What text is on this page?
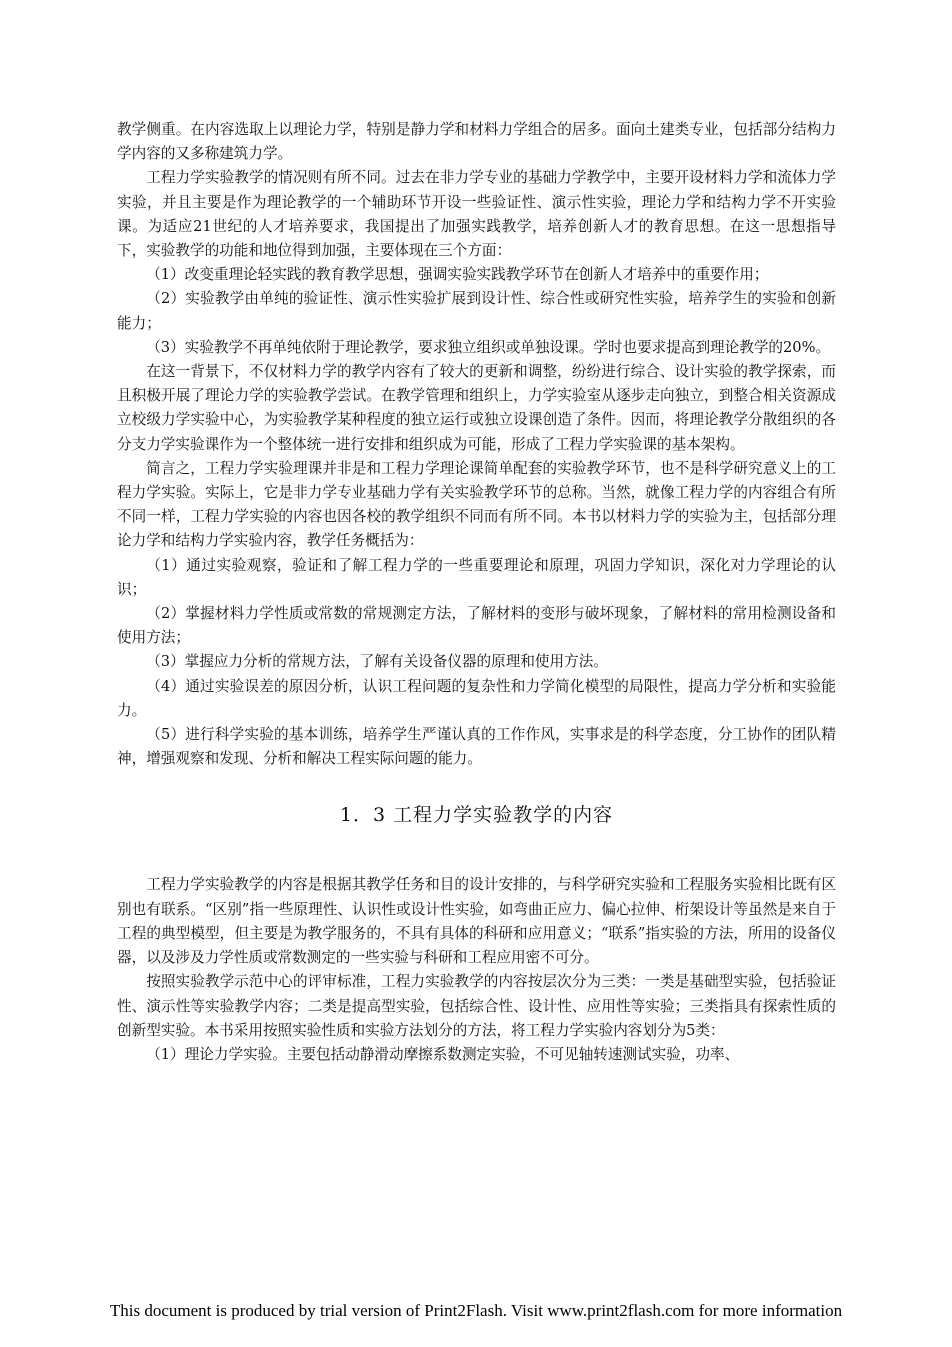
教学侧重。在内容选取上以理论力学，特别是静力学和材料力学组合的居多。面向土建类专业，包括部分结构力学内容的又多称建筑力学。

工程力学实验教学的情况则有所不同。过去在非力学专业的基础力学教学中，主要开设材料力学和流体力学实验，并且主要是作为理论教学的一个辅助环节开设一些验证性、演示性实验，理论力学和结构力学不开实验课。为适应21世纪的人才培养要求，我国提出了加强实践教学，培养创新人才的教育思想。在这一思想指导下，实验教学的功能和地位得到加强，主要体现在三个方面：

（1）改变重理论轻实践的教育教学思想，强调实验实践教学环节在创新人才培养中的重要作用；

（2）实验教学由单纯的验证性、演示性实验扩展到设计性、综合性或研究性实验，培养学生的实验和创新能力；

（3）实验教学不再单纯依附于理论教学，要求独立组织或单独设课。学时也要求提高到理论教学的20%。

在这一背景下，不仅材料力学的教学内容有了较大的更新和调整，纷纷进行综合、设计实验的教学探索，而且积极开展了理论力学的实验教学尝试。在教学管理和组织上，力学实验室从逐步走向独立，到整合相关资源成立校级力学实验中心，为实验教学某种程度的独立运行或独立设课创造了条件。因而，将理论教学分散组织的各分支力学实验课作为一个整体统一进行安排和组织成为可能，形成了工程力学实验课的基本架构。

简言之，工程力学实验理课并非是和工程力学理论课简单配套的实验教学环节，也不是科学研究意义上的工程力学实验。实际上，它是非力学专业基础力学有关实验教学环节的总称。当然，就像工程力学的内容组合有所不同一样，工程力学实验的内容也因各校的教学组织不同而有所不同。本书以材料力学的实验为主，包括部分理论力学和结构力学实验内容，教学任务概括为：

（1）通过实验观察，验证和了解工程力学的一些重要理论和原理，巩固力学知识，深化对力学理论的认识；

（2）掌握材料力学性质或常数的常规测定方法，了解材料的变形与破坏现象，了解材料的常用检测设备和使用方法；

（3）掌握应力分析的常规方法，了解有关设备仪器的原理和使用方法。

（4）通过实验误差的原因分析，认识工程问题的复杂性和力学简化模型的局限性，提高力学分析和实验能力。

（5）进行科学实验的基本训练，培养学生严谨认真的工作作风，实事求是的科学态度，分工协作的团队精神，增强观察和发现、分析和解决工程实际问题的能力。

1．3 工程力学实验教学的内容

工程力学实验教学的内容是根据其教学任务和目的设计安排的，与科学研究实验和工程服务实验相比既有区别也有联系。“区别”指一些原理性、认识性或设计性实验，如弯曲正应力、偏心拉伸、桁架设计等虽然是来自于工程的典型模型，但主要是为教学服务的，不具有具体的科研和应用意义；“联系”指实验的方法，所用的设备仪器，以及涉及力学性质或常数测定的一些实验与科研和工程应用密不可分。

按照实验教学示范中心的评审标准，工程力实验教学的内容按层次分为三类：一类是基础型实验，包括验证性、演示性等实验教学内容；二类是提高型实验，包括综合性、设计性、应用性等实验；三类指具有探索性质的创新型实验。本书采用按照实验性质和实验方法划分的方法，将工程力学实验内容划分为5类：

（1）理论力学实验。主要包括动静滑动摩擦系数测定实验，不可见轴转速测试实验，功率、

This document is produced by trial version of Print2Flash. Visit www.print2flash.com for more information
